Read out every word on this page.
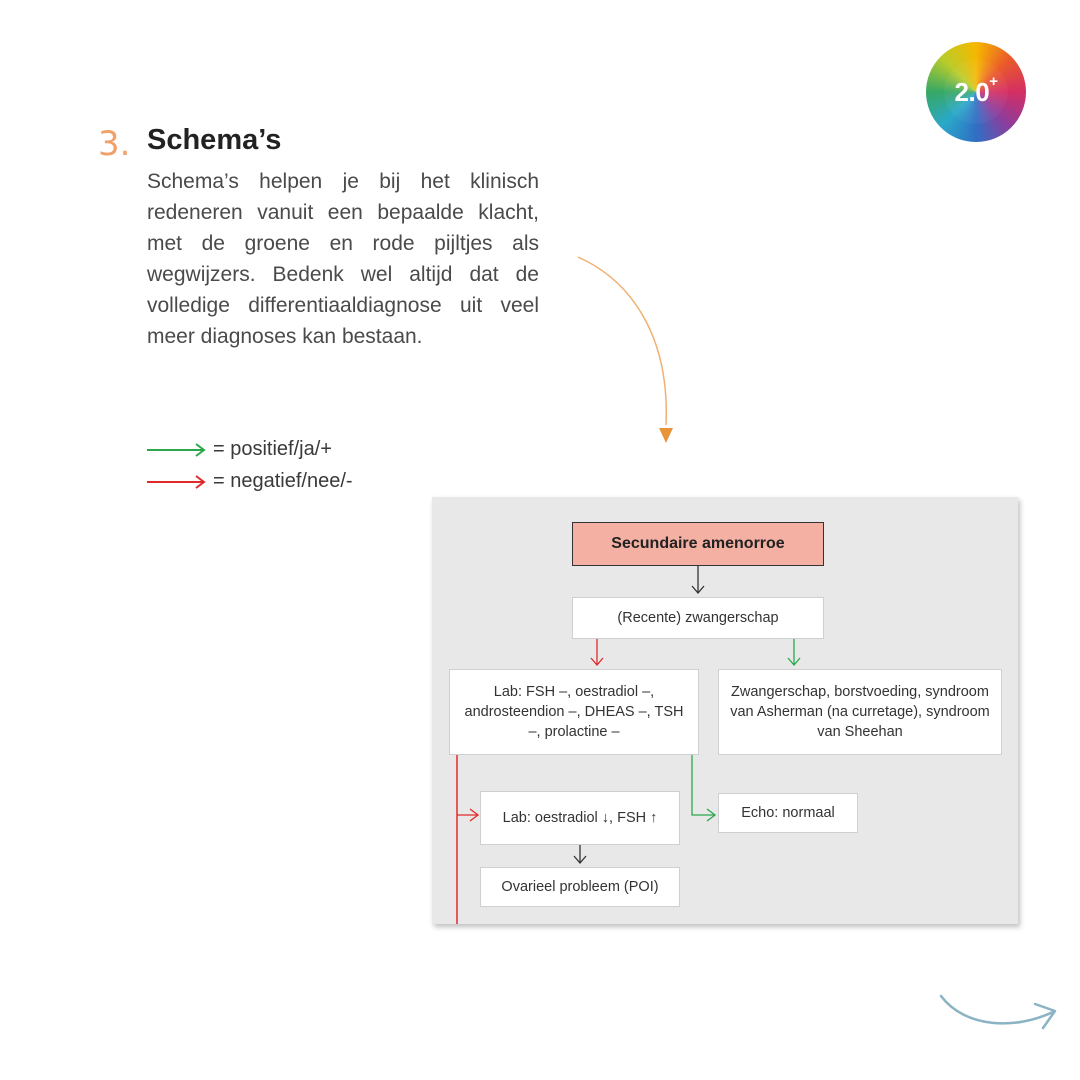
2.0+
3. Schema’s

Schema’s helpen je bij het klinisch redeneren vanuit een bepaalde klacht, met de groene en rode pijltjes als wegwijzers. Bedenk wel altijd dat de volledige differentiaaldiagnose uit veel meer diagnoses kan bestaan.

= positief/ja/+
= negatief/nee/-
Secundaire amenorroe
(Recente) zwangerschap
Lab: FSH –, oestradiol –, androsteendion –, DHEAS –, TSH –, prolactine –
Zwangerschap, borstvoeding, syndroom van Asherman (na curretage), syndroom van Sheehan
Lab: oestradiol ↓, FSH ↑	Echo: normaal
Ovarieel probleem (POI)
